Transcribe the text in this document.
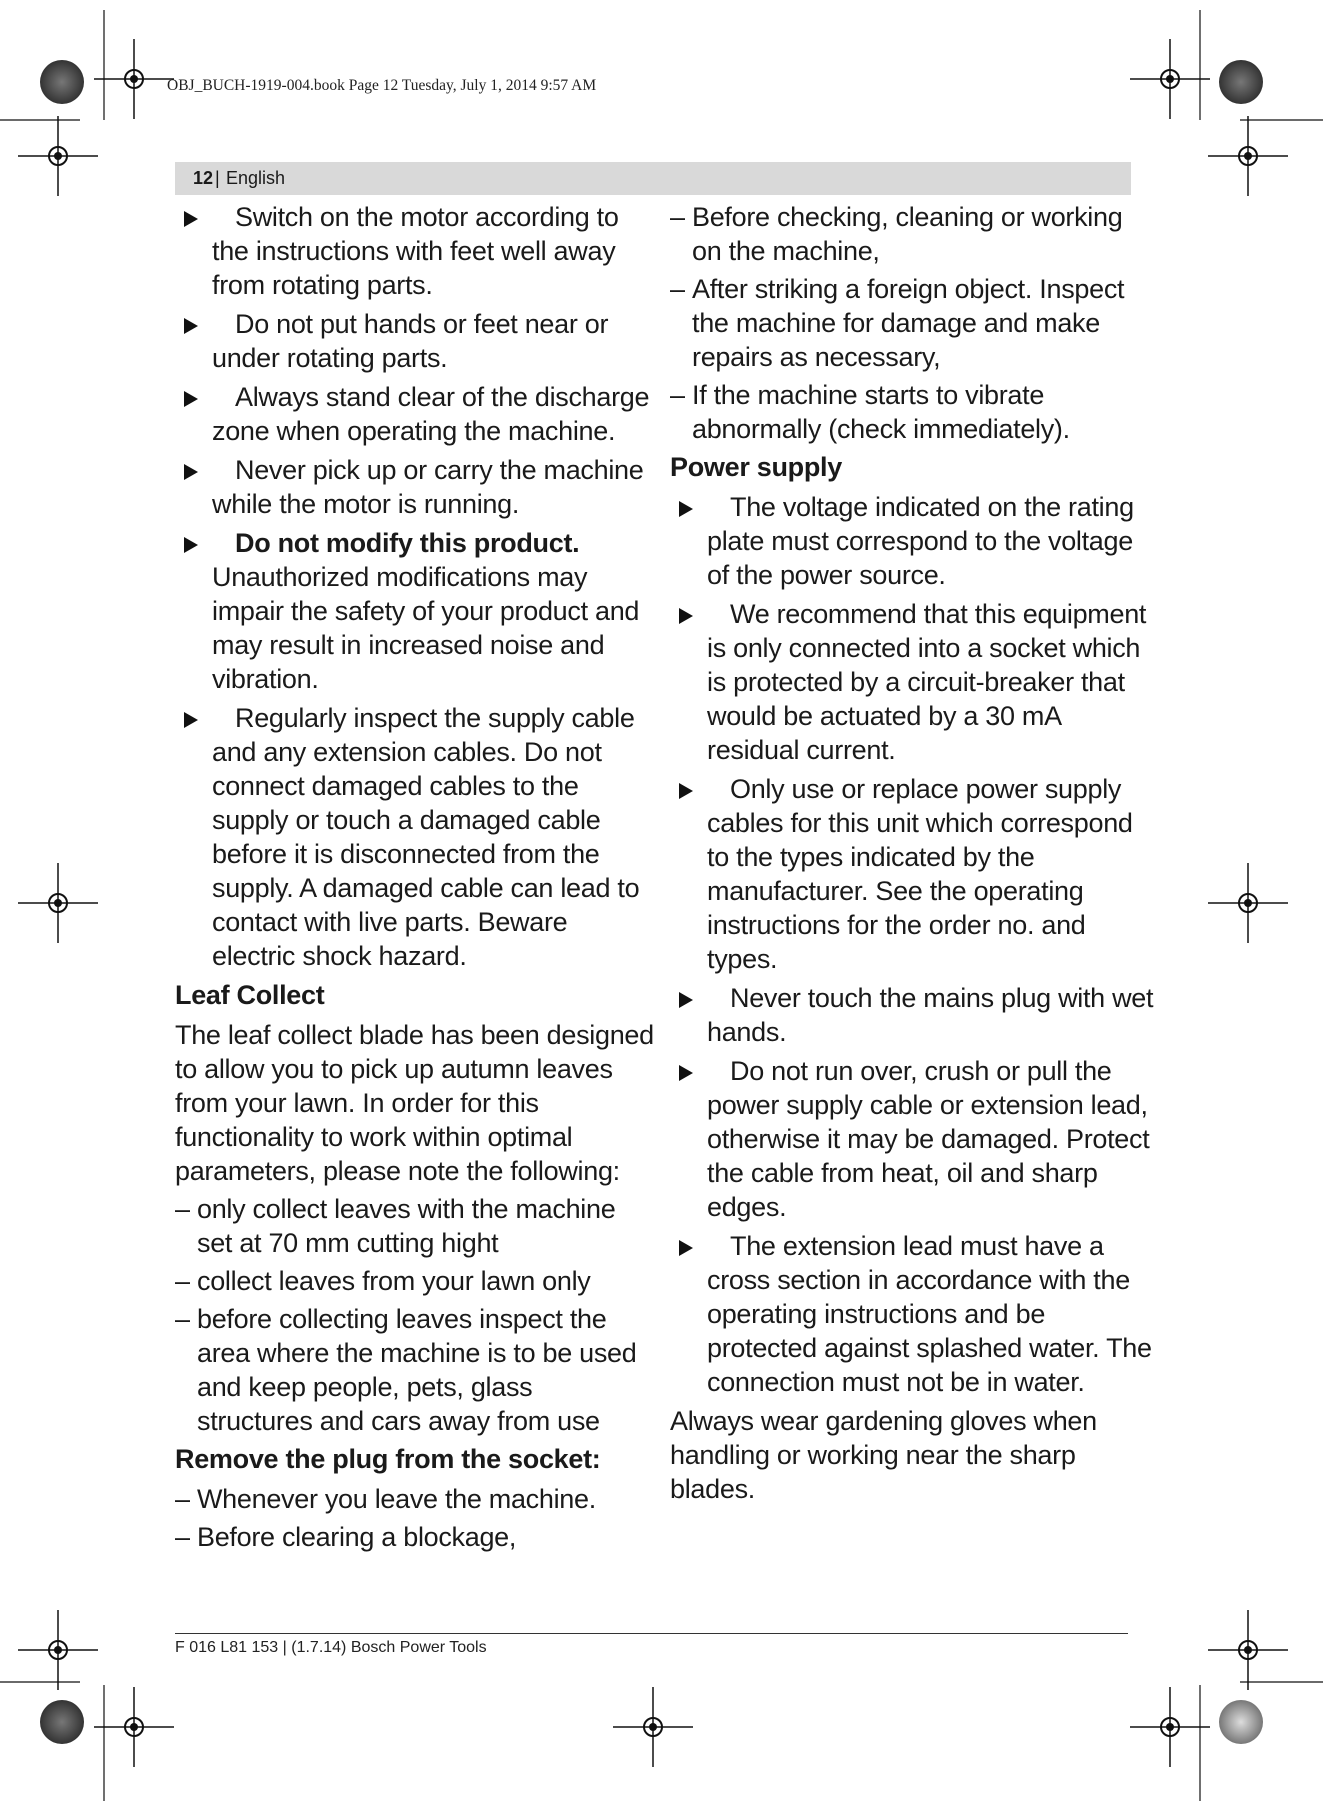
OBJ_BUCH-1919-004.book Page 12 Tuesday, July 1, 2014 9:57 AM
12 | English
Switch on the motor according to the instructions with feet well away from rotating parts.
Do not put hands or feet near or under rotating parts.
Always stand clear of the discharge zone when operating the machine.
Never pick up or carry the machine while the motor is running.
Do not modify this product. Unauthorized modifications may impair the safety of your product and may result in increased noise and vibration.
Regularly inspect the supply cable and any extension cables. Do not connect damaged cables to the supply or touch a damaged cable before it is disconnected from the supply. A damaged cable can lead to contact with live parts. Beware electric shock hazard.
Leaf Collect
The leaf collect blade has been designed to allow you to pick up autumn leaves from your lawn. In order for this functionality to work within optimal parameters, please note the following:
– only collect leaves with the machine set at 70 mm cutting hight
– collect leaves from your lawn only
– before collecting leaves inspect the area where the machine is to be used and keep people, pets, glass structures and cars away from use
Remove the plug from the socket:
– Whenever you leave the machine.
– Before clearing a blockage,
– Before checking, cleaning or working on the machine,
– After striking a foreign object. Inspect the machine for damage and make repairs as necessary,
– If the machine starts to vibrate abnormally (check immediately).
Power supply
The voltage indicated on the rating plate must correspond to the voltage of the power source.
We recommend that this equipment is only connected into a socket which is protected by a circuit-breaker that would be actuated by a 30 mA residual current.
Only use or replace power supply cables for this unit which correspond to the types indicated by the manufacturer. See the operating instructions for the order no. and types.
Never touch the mains plug with wet hands.
Do not run over, crush or pull the power supply cable or extension lead, otherwise it may be damaged. Protect the cable from heat, oil and sharp edges.
The extension lead must have a cross section in accordance with the operating instructions and be protected against splashed water. The connection must not be in water.
Always wear gardening gloves when handling or working near the sharp blades.
F 016 L81 153 | (1.7.14) Bosch Power Tools
